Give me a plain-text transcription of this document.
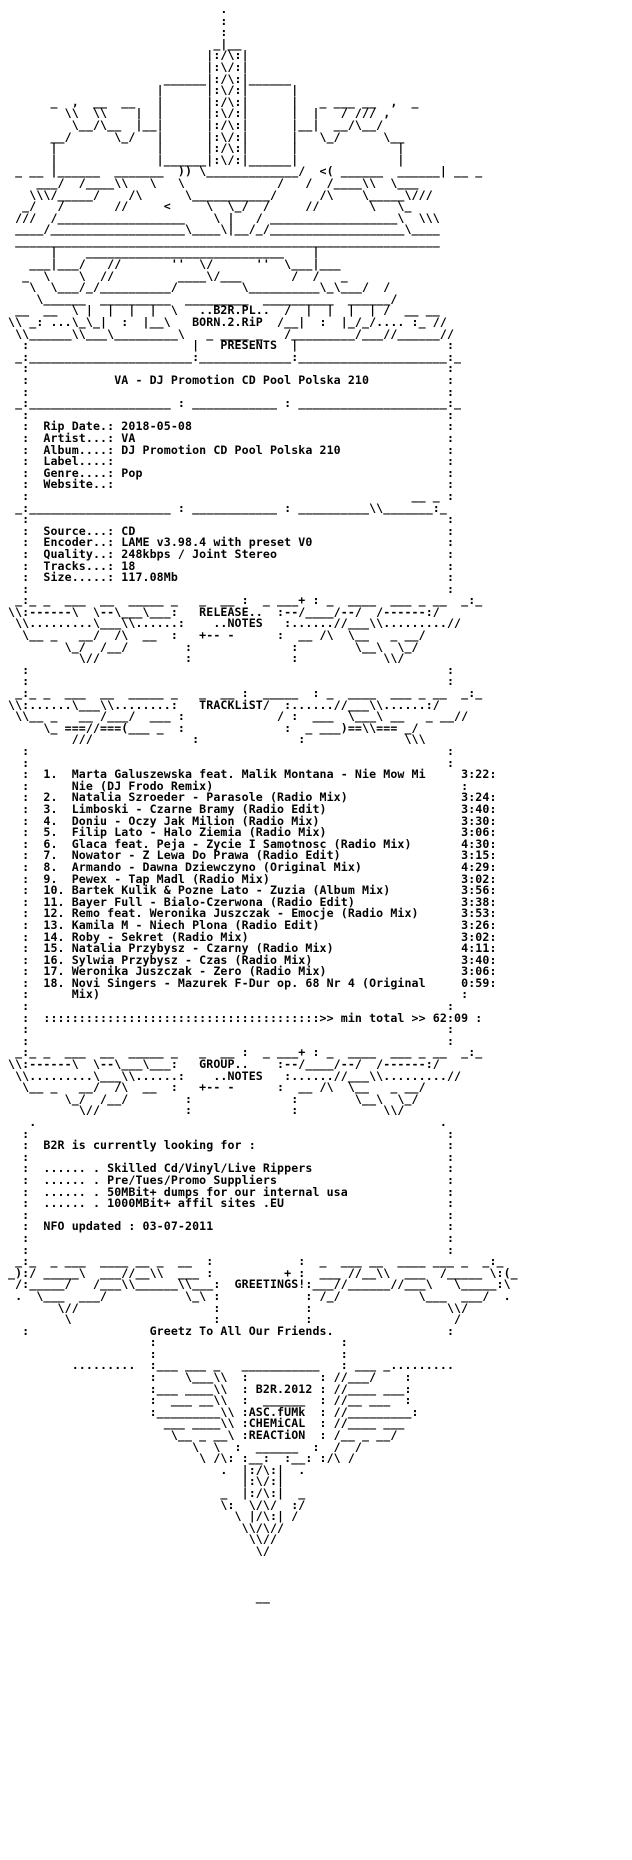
.
:
:
_|__
|:/\:|
|:\/:|
______|:/\:|______
|      |:\/:|      |
_  ,  __  __   |      |:/\:|      |   _ ___ __  ,  _
\\  \\    |  |      |:\/:|      |  |   / /// ,
\__/\__  |__|      |:/\:|      |__|  __/\__/
__/      \_/   |      |:\/:|      |   \_/      \__
|              |      |:/\:|      |              |
|              |______|:\/:|______|              |
_ __ |______  _______  )) \_____________/  <( ______  ______| __ _
___/  /____\\   \   \             /   /  /____\\  \___
\\\/_____/    /\      \___________/      /\    \_____\///
_/   /       //     <     \  \_/  /     //       \   \_
///  /__________________    \ |   / __________________\  \\\
____/___________________\____\|__/_/___________________\____
____________________________________________________________
|    ____________________________    |
___|___/   //       ''  \/      ''  \___|___
_  \    \  //         ____\/___       /  /   _
\  \___/_/__________/         \__________\_\___/  /
\______  __________  _________  __________  ______/
__  __  \ |  |  |  |  \   ..B2R.PL..  /  |  |  |  | /  __ __
\\ _: ...\_\_|  :  |__\   BORN.2.RiP  /__|  :  |_/_/.... :_ //
\\______\\___\_________\   _ ____ _   /_________/___//______//
:                       |   PRESENTS  |                     :
_:_______________________:_____________:_____________________:_
:                                                           :
:            VA - DJ Promotion CD Pool Polska 210           :
:                                                           :
_:____________________ : ____________ : _____________________:_
:                                                           :
:  Rip Date.: 2018-05-08                                    :
:  Artist...: VA                                            :
:  Album....: DJ Promotion CD Pool Polska 210               :
:  Label....:                                               :
:  Genre....: Pop                                           :
:  Website..:                                               :
:                                                      __ _ :
_:____________________ : ____________ : __________\\_______:_
:                                                           :
:  Source...: CD                                            :
:  Encoder..: LAME v3.98.4 with preset V0                   :
:  Quality..: 248kbps / Joint Stereo                        :
:  Tracks...: 18                                            :
:  Size.....: 117.08Mb                                      :
:                                                           :
_:_ _  ___  __  _____ _   _  __ :  _ ___+ : _  ____  ___ _ __  _:_
\\:------\  \--\___\___:   RELEASE..  :--/____/--/  /------:/
\\.........\___\\......:    ..NOTES   :......//___\\.........//
\__ _   __/  /\  __  :   +-- -      :  __ /\  \__   _ __/
\_/  /__/        :              :        \__\  \_/
\//            :              :            \\/
:                                                           :
:                                                           :
_:_ _  ___  __  _____ _   _  __ :  _____  : _  ____  ___ _ __  _:_
\\:......\___\\........:   TRACKLiST/  :......//___\\......:/
\\__ _   __ /___/  ___ :             / :  ___  \___\ __   _ __//
\_ ===//===(___ _  :              :  _ ___)==\\=== _/
///              :              :              \\\
:                                                           :
:                                                           :
:  1.  Marta Galuszewska feat. Malik Montana - Nie Mow Mi     3:22:
:      Nie (DJ Frodo Remix)                                   :
:  2.  Natalia Szroeder - Parasole (Radio Mix)                3:24:
:  3.  Limboski - Czarne Bramy (Radio Edit)                   3:40:
:  4.  Doniu - Oczy Jak Milion (Radio Mix)                    3:30:
:  5.  Filip Lato - Halo Ziemia (Radio Mix)                   3:06:
:  6.  Glaca feat. Peja - Zycie I Samotnosc (Radio Mix)       4:30:
:  7.  Nowator - Z Lewa Do Prawa (Radio Edit)                 3:15:
:  8.  Armando - Dawna Dziewczyno (Original Mix)              4:29:
:  9.  Pewex - Tap Madl (Radio Mix)                           3:02:
:  10. Bartek Kulik & Pozne Lato - Zuzia (Album Mix)          3:56:
:  11. Bayer Full - Bialo-Czerwona (Radio Edit)               3:38:
:  12. Remo feat. Weronika Juszczak - Emocje (Radio Mix)      3:53:
:  13. Kamila M - Niech Plona (Radio Edit)                    3:26:
:  14. Roby - Sekret (Radio Mix)                              3:02:
:  15. Natalia Przybysz - Czarny (Radio Mix)                  4:11:
:  16. Sylwia Przybysz - Czas (Radio Mix)                     3:40:
:  17. Weronika Juszczak - Zero (Radio Mix)                   3:06:
:  18. Novi Singers - Mazurek F-Dur op. 68 Nr 4 (Original     0:59:
:      Mix)                                                   :
:                                                           :
:  :::::::::::::::::::::::::::::::::::::::>> min total >> 62:09 :
:                                                           :
:                                                           :
_:_ _  ___  __  _____ _   _  __ :  _ ___+ : _  ____  ___ _ __  _:_
\\:------\  \--\___\___:   GROUP..    :--/____/--/  /------:/
\\.........\___\\......:    ..NOTES   :......//___\\.........//
\__ _   __/  /\  __  :   +-- -      :  __ /\  \__   _ __/
\_/  /__/        :              :        \__\  \_/
\//            :              :            \\/
.                                                         .
:                                                           :
:  B2R is currently looking for :                           :
:                                                           :
:  ...... . Skilled Cd/Vinyl/Live Rippers                   :
:  ...... . Pre/Tues/Promo Suppliers                        :
:  ...... . 50MBit+ dumps for our internal usa              :
:  ...... . 1000MBit+ affil sites .EU                       :
:                                                           :
:  NFO updated : 03-07-2011                                 :
:                                                           :
:                                                           :
_:_  _ ___  ____ __ _  __  :            :  _  ___ __  ____ ___ _  _:_
_):/ _____\  ___//__\\  ___ :          + :  ___ //__\\  ___  /_____ \:(_
/:_____/   /___\\______\\___:  GREETINGS!:___//______//___\   \_____:\
.  \___  ___/           \_\ :            : /_/           \___  ___/  .
\//                   :            :                   \\/
\                    :            :                    /
:                 Greetz To All Our Friends.                :
:                          :
:                          :
.........  :___ ___ _   ___________   : ___ _.........
:    \___\\  :          : //___/    :
:___ ____\\  : B2R.2012 : //____ ___:
:  ___ __\\  :  ______  : //__ ___  :
:_________\\ :ASC.fUMk  : //_________:
___ ____\\ :CHEMiCAL  : //____ ___
\__ _ __\ :REACTiON  : /__ _ __/
\  \  :  ______  :  /  /
\ /\: :__:  :__: :/\ /
.  |:/\:|  .
|:\/:|
_  |:/\:|  _
\:  \/\/  :/
\ |/\:| /
\\/\//
\\//
\/

__
